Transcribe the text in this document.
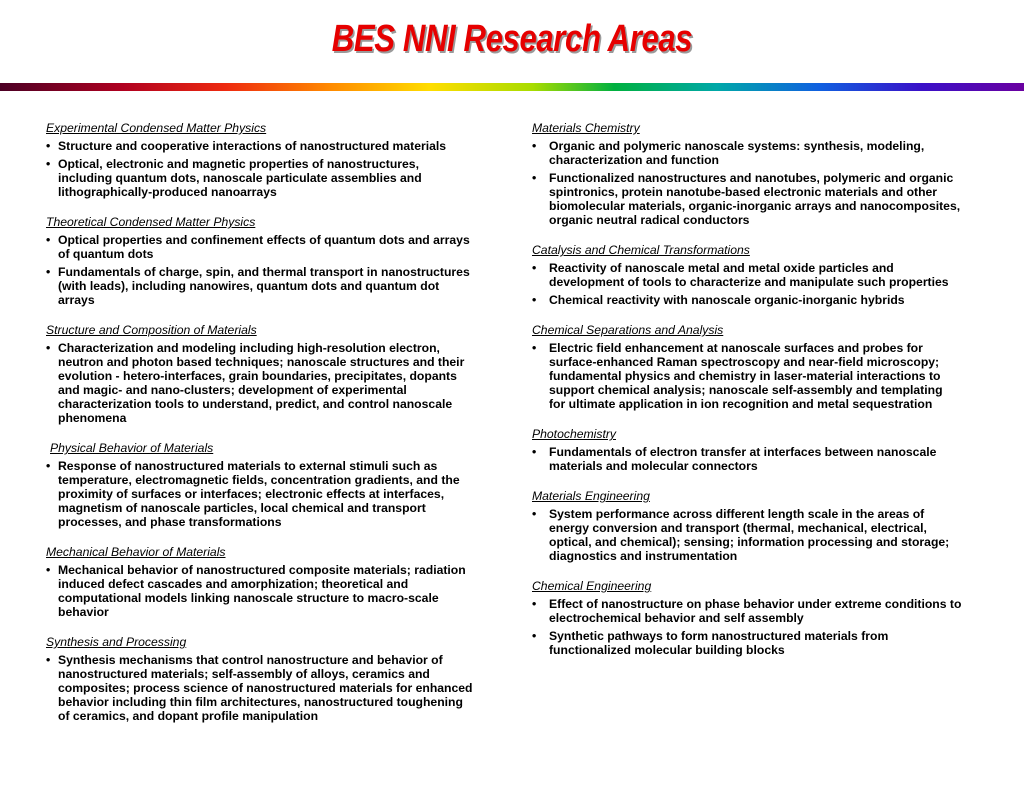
BES NNI Research Areas
Experimental Condensed Matter Physics
• Structure and cooperative interactions of nanostructured materials
• Optical, electronic and magnetic properties of nanostructures, including quantum dots, nanoscale particulate assemblies and lithographically-produced nanoarrays
Theoretical Condensed Matter Physics
• Optical properties and confinement effects of quantum dots and arrays of quantum dots
• Fundamentals of charge, spin, and thermal transport in nanostructures (with leads), including nanowires, quantum dots and quantum dot arrays
Structure and Composition of Materials
• Characterization and modeling including high-resolution electron, neutron and photon based techniques; nanoscale structures and their evolution - hetero-interfaces, grain boundaries, precipitates, dopants and magic- and nano-clusters; development of experimental characterization tools to understand, predict, and control nanoscale phenomena
Physical Behavior of Materials
• Response of nanostructured materials to external stimuli such as temperature, electromagnetic fields, concentration gradients, and the proximity of surfaces or interfaces; electronic effects at interfaces, magnetism of nanoscale particles, local chemical and transport processes, and phase transformations
Mechanical Behavior of Materials
• Mechanical behavior of nanostructured composite materials; radiation induced defect cascades and amorphization; theoretical and computational models linking nanoscale structure to macro-scale behavior
Synthesis and Processing
• Synthesis mechanisms that control nanostructure and behavior of nanostructured materials; self-assembly of alloys, ceramics and composites; process science of nanostructured materials for enhanced behavior including thin film architectures, nanostructured toughening of ceramics, and dopant profile manipulation
Materials Chemistry
• Organic and polymeric nanoscale systems: synthesis, modeling, characterization and function
• Functionalized nanostructures and nanotubes, polymeric and organic spintronics, protein nanotube-based electronic materials and other biomolecular materials, organic-inorganic arrays and nanocomposites, organic neutral radical conductors
Catalysis and Chemical Transformations
• Reactivity of nanoscale metal and metal oxide particles and development of tools to characterize and manipulate such properties
• Chemical reactivity with nanoscale organic-inorganic hybrids
Chemical Separations and Analysis
• Electric field enhancement at nanoscale surfaces and probes for surface-enhanced Raman spectroscopy and near-field microscopy; fundamental physics and chemistry in laser-material interactions to support chemical analysis; nanoscale self-assembly and templating for ultimate application in ion recognition and metal sequestration
Photochemistry
• Fundamentals of electron transfer at interfaces between nanoscale materials and molecular connectors
Materials Engineering
• System performance across different length scale in the areas of energy conversion and transport (thermal, mechanical, electrical, optical, and chemical); sensing; information processing and storage; diagnostics and instrumentation
Chemical Engineering
• Effect of nanostructure on phase behavior under extreme conditions to electrochemical behavior and self assembly
• Synthetic pathways to form nanostructured materials from functionalized molecular building blocks
